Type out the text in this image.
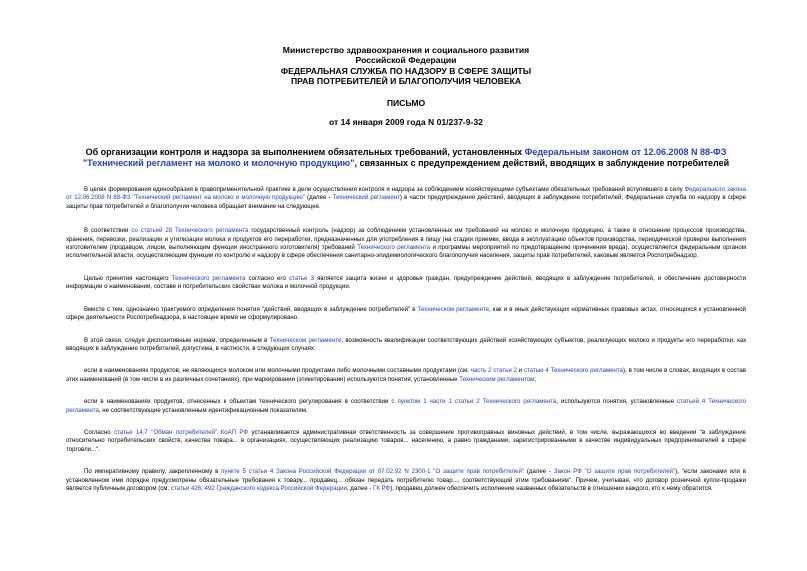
Министерство здравоохранения и социального развития
Российской Федерации
ФЕДЕРАЛЬНАЯ СЛУЖБА ПО НАДЗОРУ В СФЕРЕ ЗАЩИТЫ
ПРАВ ПОТРЕБИТЕЛЕЙ И БЛАГОПОЛУЧИЯ ЧЕЛОВЕКА
ПИСЬМО
от 14 января 2009 года N 01/237-9-32
Об организации контроля и надзора за выполнением обязательных требований, установленных Федеральным законом от 12.06.2008 N 88-ФЗ "Технический регламент на молоко и молочную продукцию", связанных с предупреждением действий, вводящих в заблуждение потребителей

В целях формирования единообразия в правоприменительной практике в деле осуществления контроля и надзора за соблюдением хозяйствующими субъектами обязательных требований вступившего в силу Федерального закона от 12.06.2008 N 88-ФЗ "Технический регламент на молоко и молочную продукцию" (далее - Технический регламент) в части предупреждения действий, вводящих в заблуждение потребителей, Федеральная служба по надзору в сфере защиты прав потребителей и благополучия человека обращает внимание на следующее.

В соответствии со статьей 28 Технического регламента государственный контроль (надзор) за соблюдением установленных им требований на молоко и молочную продукцию, а также в отношении процессов производства, хранения, перевозки, реализации и утилизации молока и продуктов его переработки, предназначенных для употребления в пищу (на стадии приемки, ввода в эксплуатацию объектов производства, периодической проверки выполнения изготовителем (продавцом, лицом, выполняющим функции иностранного изготовителя) требований Технического регламента и программы мероприятий по предотвращению причинения вреда), осуществляется федеральным органом исполнительной власти, осуществляющим функции по контролю и надзору в сфере обеспечения санитарно-эпидемиологического благополучия населения, защиты прав потребителей, каковым является Роспотребнадзор.

Целью принятия настоящего Технического регламента согласно его статье 3 является защита жизни и здоровья граждан, предупреждение действий, вводящих в заблуждение потребителей, и обеспечение достоверности информации о наименовании, составе и потребительских свойствах молока и молочной продукции.

Вместе с тем, однозначно трактуемого определения понятия "действий, вводящих в заблуждение потребителей" в Техническом регламенте, как и в иных действующих нормативных правовых актах, относящихся к установленной сфере деятельности Роспотребнадзора, в настоящее время не сформулировано.

В этой связи, следуя диспозитивным нормам, определенным в Техническом регламенте, возможность квалификации соответствующих действий хозяйствующих субъектов, реализующих молоко и продукты его переработки, как вводящих в заблуждение потребителей, допустима, в частности, в следующих случаях:

если в наименованиях продуктов, не являющихся молоком или молочными продуктами либо молочными составными продуктами (см. часть 2 статьи 2 и статью 4 Технического регламента), в том числе в словах, входящих в состав этих наименований (в том числе в их различных сочетаниях), при маркировании (этикетировании) используются понятия, установленные Техническим регламентом;

если в наименованиях продуктов, отнесенных к объектам технического регулирования в соответствии с пунктом 1 части 1 статьи 2 Технического регламента, используются понятия, установленные статьей 4 Технического регламента, не соответствующие установленным идентификационным показателям.

Согласно статье 14.7 "Обман потребителей" КоАП РФ устанавливается административная ответственность за совершение противоправных виновных действий, в том числе, выражающихся во введении "в заблуждение относительно потребительских свойств, качества товара... в организациях, осуществляющих реализацию товаров... населению, а равно гражданами, зарегистрированными в качестве индивидуальных предпринимателей в сфере торговли...".

По императивному правилу, закрепленному в пункте 5 статьи 4 Закона Российской Федерации от 07.02.92 N 2300-1 "О защите прав потребителей" (далее - Закон РФ "О защите прав потребителей"), "если законами или в установленном ими порядке предусмотрены обязательные требования к товару... продавец... обязан передать потребителю товар..., соответствующий этим требованиям". Причем, учитывая, что договор розничной купли-продажи является публичным договором (см. статьи 426, 492 Гражданского кодекса Российской Федерации, далее - ГК РФ), продавец должен обеспечить исполнение названных обязательств в отношении каждого, кто к нему обратится.
